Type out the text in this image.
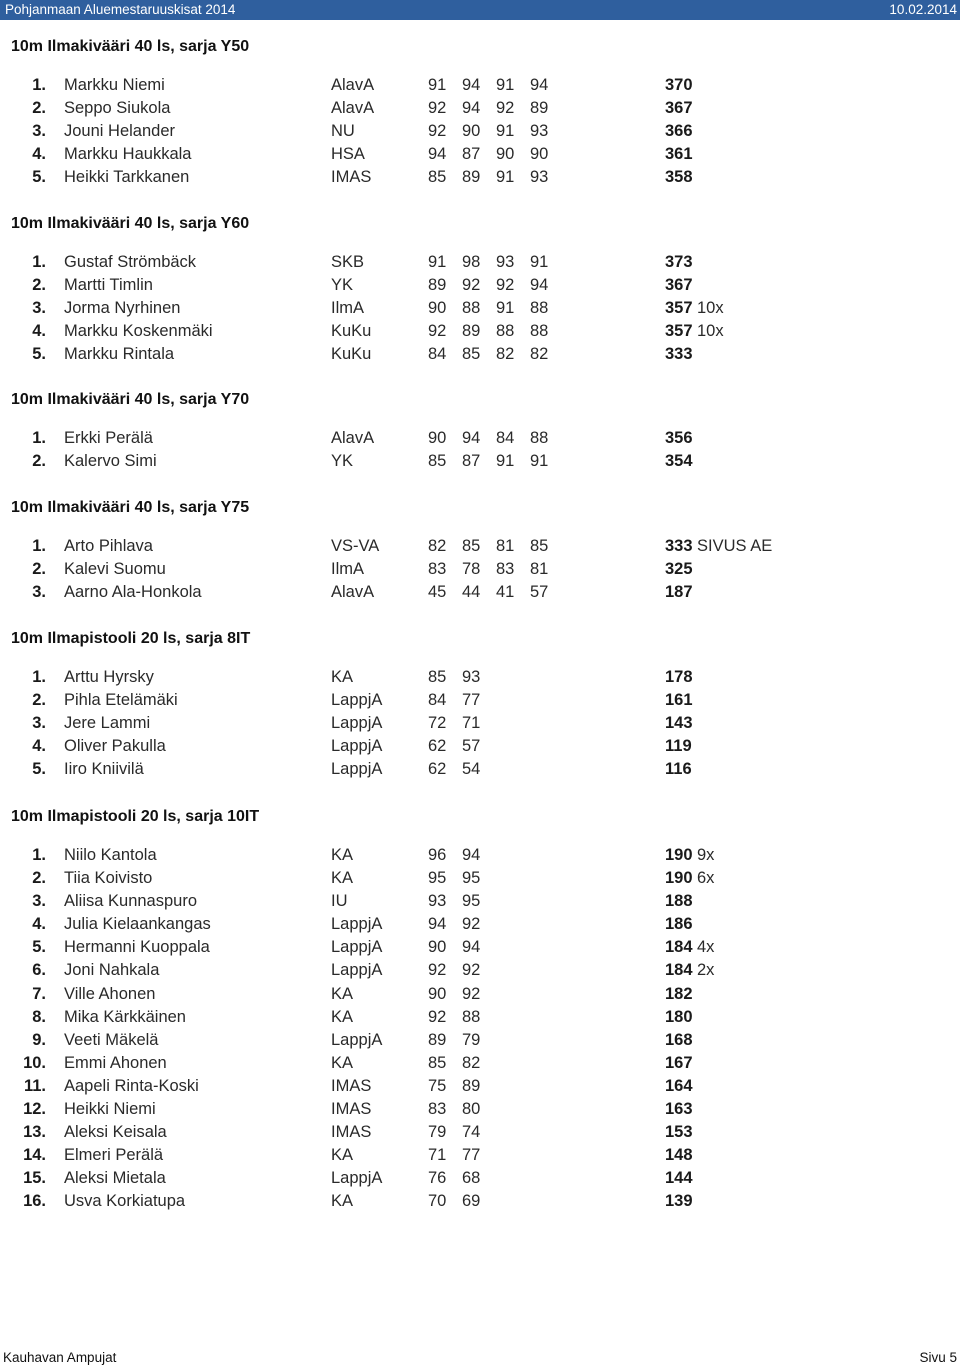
Pohjanmaan Aluemestaruuskisat 2014	10.02.2014
10m Ilmakivääri 40 ls, sarja Y50
1. Markku Niemi	AlavA	91 94 91 94	370
2. Seppo Siukola	AlavA	92 94 92 89	367
3. Jouni Helander	NU	92 90 91 93	366
4. Markku Haukkala	HSA	94 87 90 90	361
5. Heikki Tarkkanen	IMAS	85 89 91 93	358
10m Ilmakivääri 40 ls, sarja Y60
1. Gustaf Strömbäck	SKB	91 98 93 91	373
2. Martti Timlin	YK	89 92 92 94	367
3. Jorma Nyrhinen	IlmA	90 88 91 88	357 10x
4. Markku Koskenmäki	KuKu	92 89 88 88	357 10x
5. Markku Rintala	KuKu	84 85 82 82	333
10m Ilmakivääri 40 ls, sarja Y70
1. Erkki Perälä	AlavA	90 94 84 88	356
2. Kalervo Simi	YK	85 87 91 91	354
10m Ilmakivääri 40 ls, sarja Y75
1. Arto Pihlava	VS-VA	82 85 81 85	333 SIVUS AE
2. Kalevi Suomu	IlmA	83 78 83 81	325
3. Aarno Ala-Honkola	AlavA	45 44 41 57	187
10m Ilmapistooli 20 ls, sarja 8IT
1. Arttu Hyrsky	KA	85 93	178
2. Pihla Etelämäki	LappjA	84 77	161
3. Jere Lammi	LappjA	72 71	143
4. Oliver Pakulla	LappjA	62 57	119
5. Iiro Kniivilä	LappjA	62 54	116
10m Ilmapistooli 20 ls, sarja 10IT
1. Niilo Kantola	KA	96 94	190 9x
2. Tiia Koivisto	KA	95 95	190 6x
3. Aliisa Kunnaspuro	IU	93 95	188
4. Julia Kielaankangas	LappjA	94 92	186
5. Hermanni Kuoppala	LappjA	90 94	184 4x
6. Joni Nahkala	LappjA	92 92	184 2x
7. Ville Ahonen	KA	90 92	182
8. Mika Kärkkäinen	KA	92 88	180
9. Veeti Mäkelä	LappjA	89 79	168
10. Emmi Ahonen	KA	85 82	167
11. Aapeli Rinta-Koski	IMAS	75 89	164
12. Heikki Niemi	IMAS	83 80	163
13. Aleksi Keisala	IMAS	79 74	153
14. Elmeri Perälä	KA	71 77	148
15. Aleksi Mietala	LappjA	76 68	144
16. Usva Korkiatupa	KA	70 69	139
Kauhavan Ampujat	Sivu 5
